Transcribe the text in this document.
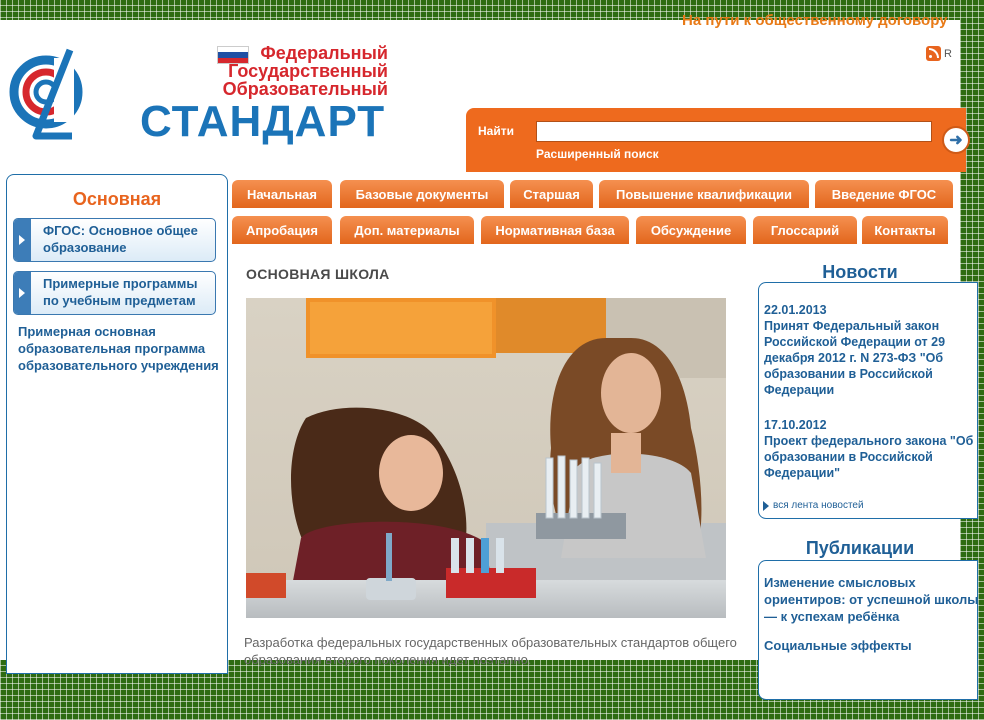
На пути к общественному договору
R
Федеральный
Государственный
Образовательный
СТАНДАРТ	Найти
➜
Расширенный поиск
Основная
ФГОС: Основное общее образование
Примерные программы по учебным предметам
Примерная основная образовательная программа образовательного учреждения
Начальная	Базовые документы	Старшая	Повышение квалификации	Введение ФГОС
Апробация	Доп. материалы	Нормативная база	Обсуждение	Глоссарий	Контакты
ОСНОВНАЯ ШКОЛА
Разработка федеральных государственных образовательных стандартов общего образования второго поколения идет поэтапно.
Новости
22.01.2013
Принят Федеральный закон Российской Федерации от 29 декабря 2012 г. N 273-ФЗ "Об образовании в Российской Федерации
17.10.2012
Проект федерального закона "Об образовании в Российской Федерации"
вся лента новостей
Публикации
Изменение смысловых ориентиров: от успешной школы — к успехам ребёнка
Социальные эффекты
